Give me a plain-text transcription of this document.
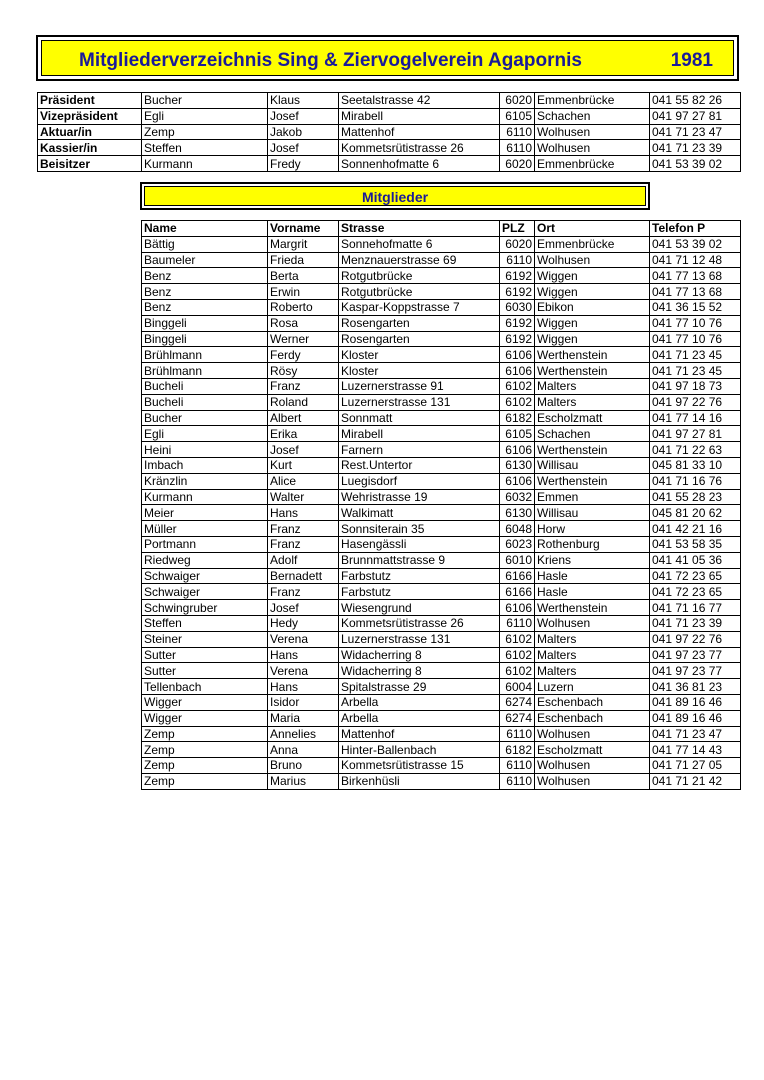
Mitgliederverzeichnis Sing & Ziervogelverein Agapornis	1981
Präsident	Bucher	Klaus	Seetalstrasse 42	6020	Emmenbrücke	041 55 82 26
Vizepräsident	Egli	Josef	Mirabell	6105	Schachen	041 97 27 81
Aktuar/in	Zemp	Jakob	Mattenhof	6110	Wolhusen	041 71 23 47
Kassier/in	Steffen	Josef	Kommetsrütistrasse 26	6110	Wolhusen	041 71 23 39
Beisitzer	Kurmann	Fredy	Sonnenhofmatte 6	6020	Emmenbrücke	041 53 39 02
Mitglieder
Name	Vorname	Strasse	PLZ	Ort	Telefon P
Bättig	Margrit	Sonnehofmatte 6	6020	Emmenbrücke	041 53 39 02
Baumeler	Frieda	Menznauerstrasse 69	6110	Wolhusen	041 71 12 48
Benz	Berta	Rotgutbrücke	6192	Wiggen	041 77 13 68
Benz	Erwin	Rotgutbrücke	6192	Wiggen	041 77 13 68
Benz	Roberto	Kaspar-Koppstrasse 7	6030	Ebikon	041 36 15 52
Binggeli	Rosa	Rosengarten	6192	Wiggen	041 77 10 76
Binggeli	Werner	Rosengarten	6192	Wiggen	041 77 10 76
Brühlmann	Ferdy	Kloster	6106	Werthenstein	041 71 23 45
Brühlmann	Rösy	Kloster	6106	Werthenstein	041 71 23 45
Bucheli	Franz	Luzernerstrasse 91	6102	Malters	041 97 18 73
Bucheli	Roland	Luzernerstrasse 131	6102	Malters	041 97 22 76
Bucher	Albert	Sonnmatt	6182	Escholzmatt	041 77 14 16
Egli	Erika	Mirabell	6105	Schachen	041 97 27 81
Heini	Josef	Farnern	6106	Werthenstein	041 71 22 63
Imbach	Kurt	Rest.Untertor	6130	Willisau	045 81 33 10
Kränzlin	Alice	Luegisdorf	6106	Werthenstein	041 71 16 76
Kurmann	Walter	Wehristrasse 19	6032	Emmen	041 55 28 23
Meier	Hans	Walkimatt	6130	Willisau	045 81 20 62
Müller	Franz	Sonnsiterain 35	6048	Horw	041 42 21 16
Portmann	Franz	Hasengässli	6023	Rothenburg	041 53 58 35
Riedweg	Adolf	Brunnmattstrasse 9	6010	Kriens	041 41 05 36
Schwaiger	Bernadett	Farbstutz	6166	Hasle	041 72 23 65
Schwaiger	Franz	Farbstutz	6166	Hasle	041 72 23 65
Schwingruber	Josef	Wiesengrund	6106	Werthenstein	041 71 16 77
Steffen	Hedy	Kommetsrütistrasse 26	6110	Wolhusen	041 71 23 39
Steiner	Verena	Luzernerstrasse 131	6102	Malters	041 97 22 76
Sutter	Hans	Widacherring 8	6102	Malters	041 97 23 77
Sutter	Verena	Widacherring 8	6102	Malters	041 97 23 77
Tellenbach	Hans	Spitalstrasse 29	6004	Luzern	041 36 81 23
Wigger	Isidor	Arbella	6274	Eschenbach	041 89 16 46
Wigger	Maria	Arbella	6274	Eschenbach	041 89 16 46
Zemp	Annelies	Mattenhof	6110	Wolhusen	041 71 23 47
Zemp	Anna	Hinter-Ballenbach	6182	Escholzmatt	041 77 14 43
Zemp	Bruno	Kommetsrütistrasse 15	6110	Wolhusen	041 71 27 05
Zemp	Marius	Birkenhüsli	6110	Wolhusen	041 71 21 42
